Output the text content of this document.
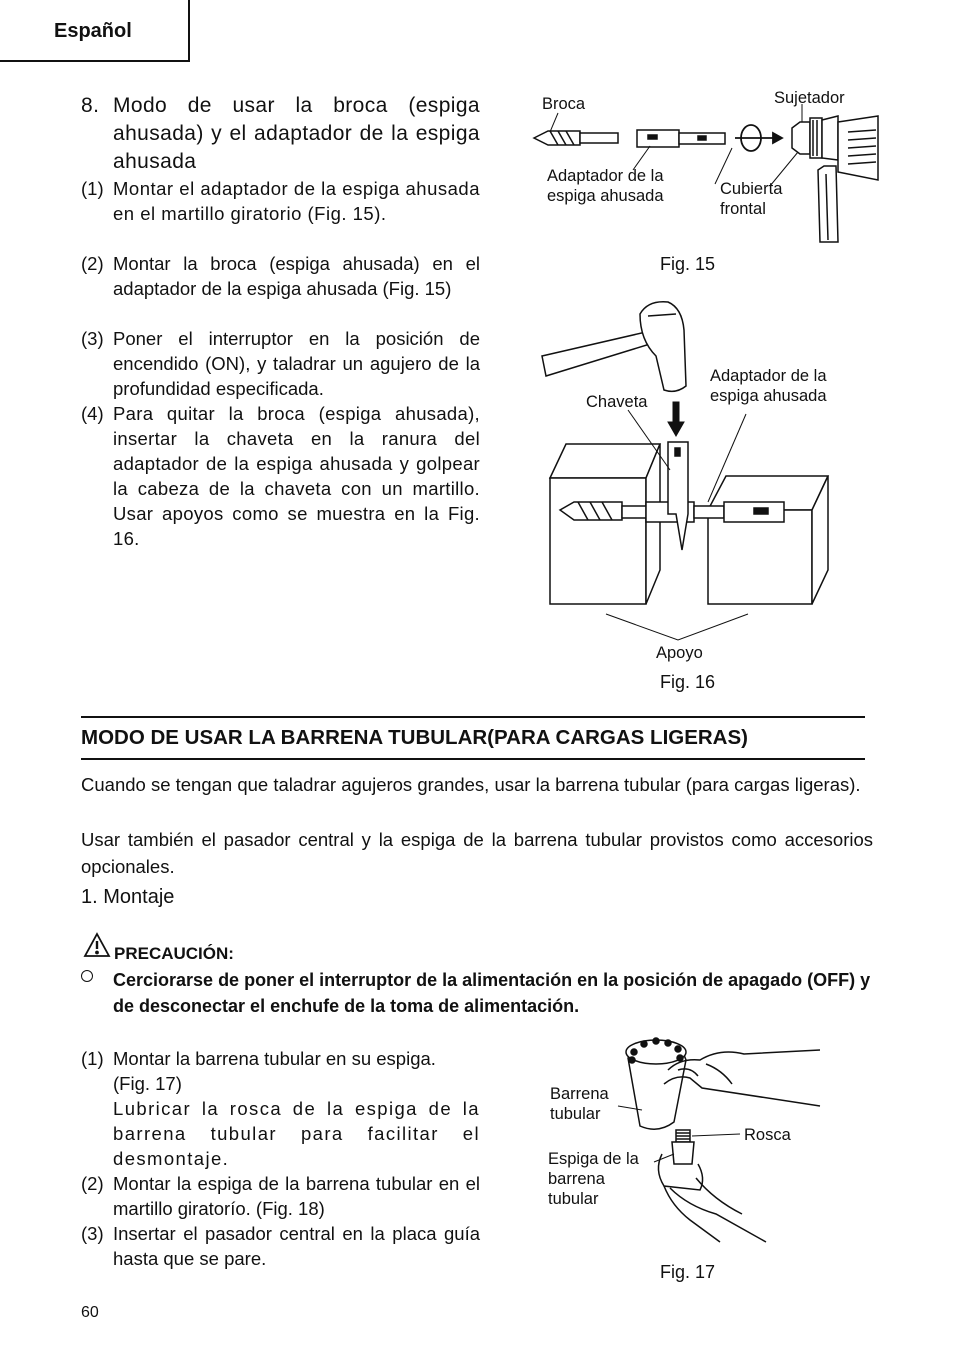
Español
8. Modo de usar la broca (espiga ahusada) y el adaptador de la espiga ahusada
(1) Montar el adaptador de la espiga ahusada en el martillo giratorio (Fig. 15).
(2) Montar la broca (espiga ahusada) en el adaptador de la espiga ahusada (Fig. 15)
(3) Poner el interruptor en la posición de encendido (ON), y taladrar un agujero de la profundidad especificada.
(4) Para quitar la broca (espiga ahusada), insertar la chaveta en la ranura del adaptador de la espiga ahusada y golpear la cabeza de la chaveta con un martillo. Usar apoyos como se muestra en la Fig. 16.
Broca	Sujetador
Adaptador de la
espiga ahusada	Cubierta
frontal
Fig. 15
Chaveta
Adaptador de la
espiga ahusada
Apoyo
Fig. 16
MODO DE USAR LA BARRENA TUBULAR(PARA CARGAS LIGERAS)
Cuando se tengan que taladrar agujeros grandes, usar la barrena tubular (para cargas ligeras).
Usar también el pasador central y la espiga de la barrena tubular provistos como accesorios opcionales.
1. Montaje
PRECAUCIÓN:
Cerciorarse de poner el interruptor de la alimentación en la posición de apagado (OFF) y de desconectar el enchufe de la toma de alimentación.
(1) Montar la barrena tubular en su espiga. (Fig. 17)
Lubricar la rosca de la espiga de la barrena tubular para facilitar el desmontaje.
(2) Montar la espiga de la barrena tubular en el martillo giratorío. (Fig. 18)
(3) Insertar el pasador central en la placa guía hasta que se pare.
Barrena
tubular
Rosca
Espiga de la
barrena
tubular
Fig. 17
60
